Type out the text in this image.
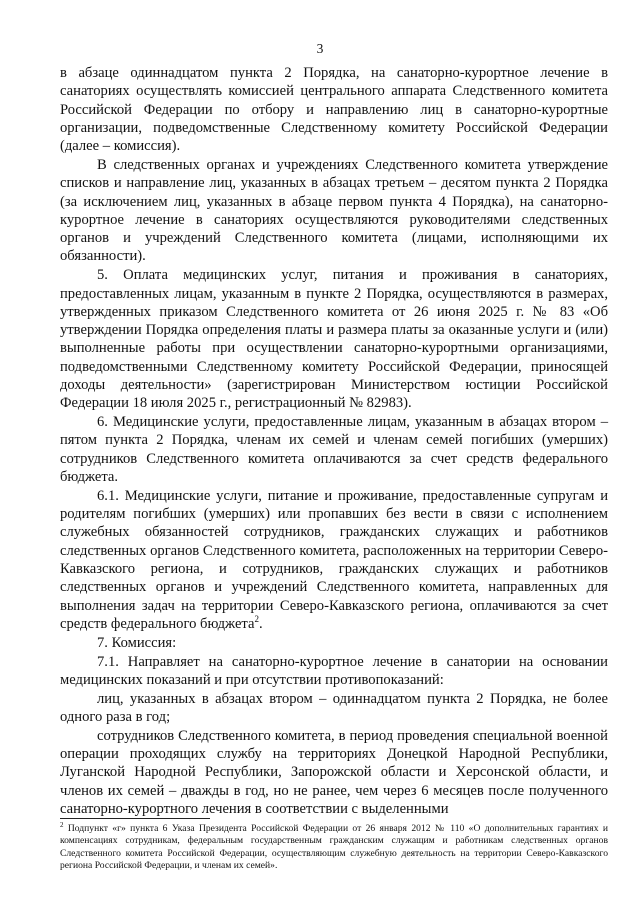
3

в абзаце одиннадцатом пункта 2 Порядка, на санаторно-курортное лечение в санаториях осуществлять комиссией центрального аппарата Следственного комитета Российской Федерации по отбору и направлению лиц в санаторно-курортные организации, подведомственные Следственному комитету Российской Федерации (далее – комиссия).

В следственных органах и учреждениях Следственного комитета утверждение списков и направление лиц, указанных в абзацах третьем – десятом пункта 2 Порядка (за исключением лиц, указанных в абзаце первом пункта 4 Порядка), на санаторно-курортное лечение в санаториях осуществляются руководителями следственных органов и учреждений Следственного комитета (лицами, исполняющими их обязанности).

5. Оплата медицинских услуг, питания и проживания в санаториях, предоставленных лицам, указанным в пункте 2 Порядка, осуществляются в размерах, утвержденных приказом Следственного комитета от 26 июня 2025 г. № 83 «Об утверждении Порядка определения платы и размера платы за оказанные услуги и (или) выполненные работы при осуществлении санаторно-курортными организациями, подведомственными Следственному комитету Российской Федерации, приносящей доходы деятельности» (зарегистрирован Министерством юстиции Российской Федерации 18 июля 2025 г., регистрационный № 82983).

6. Медицинские услуги, предоставленные лицам, указанным в абзацах втором – пятом пункта 2 Порядка, членам их семей и членам семей погибших (умерших) сотрудников Следственного комитета оплачиваются за счет средств федерального бюджета.

6.1. Медицинские услуги, питание и проживание, предоставленные супругам и родителям погибших (умерших) или пропавших без вести в связи с исполнением служебных обязанностей сотрудников, гражданских служащих и работников следственных органов Следственного комитета, расположенных на территории Северо-Кавказского региона, и сотрудников, гражданских служащих и работников следственных органов и учреждений Следственного комитета, направленных для выполнения задач на территории Северо-Кавказского региона, оплачиваются за счет средств федерального бюджета$^2$.

7. Комиссия:

7.1. Направляет на санаторно-курортное лечение в санатории на основании медицинских показаний и при отсутствии противопоказаний:

лиц, указанных в абзацах втором – одиннадцатом пункта 2 Порядка, не более одного раза в год;

сотрудников Следственного комитета, в период проведения специальной военной операции проходящих службу на территориях Донецкой Народной Республики, Луганской Народной Республики, Запорожской области и Херсонской области, и членов их семей – дважды в год, но не ранее, чем через 6 месяцев после полученного санаторно-курортного лечения в соответствии с выделенными

$^2$ Подпункт «г» пункта 6 Указа Президента Российской Федерации от 26 января 2012 № 110 «О дополнительных гарантиях и компенсациях сотрудникам, федеральным государственным гражданским служащим и работникам следственных органов Следственного комитета Российской Федерации, осуществляющим служебную деятельность на территории Северо-Кавказского региона Российской Федерации, и членам их семей».
